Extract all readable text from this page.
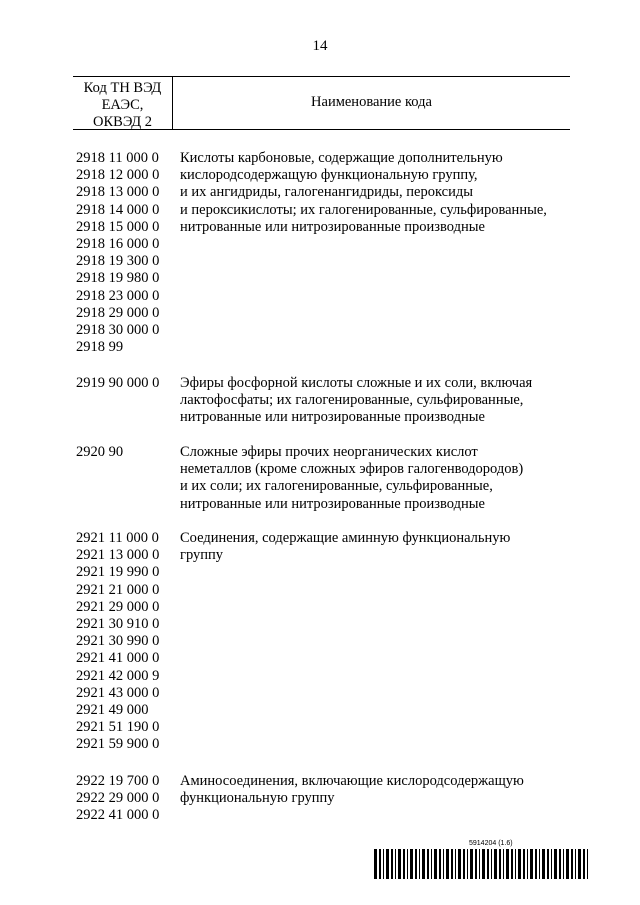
14
Код ТН ВЭД
ЕАЭС,
ОКВЭД 2
Наименование кода
2918 11 000 0
2918 12 000 0
2918 13 000 0
2918 14 000 0
2918 15 000 0
2918 16 000 0
2918 19 300 0
2918 19 980 0
2918 23 000 0
2918 29 000 0
2918 30 000 0
2918 99
Кислоты карбоновые, содержащие дополнительную
кислородсодержащую функциональную группу,
и их ангидриды, галогенангидриды, пероксиды
и пероксикислоты; их галогенированные, сульфированные,
нитрованные или нитрозированные производные
2919 90 000 0	Эфиры фосфорной кислоты сложные и их соли, включая
лактофосфаты; их галогенированные, сульфированные,
нитрованные или нитрозированные производные
2920 90	Сложные эфиры прочих неорганических кислот
неметаллов (кроме сложных эфиров галогенводородов)
и их соли; их галогенированные, сульфированные,
нитрованные или нитрозированные производные
2921 11 000 0
2921 13 000 0
2921 19 990 0
2921 21 000 0
2921 29 000 0
2921 30 910 0
2921 30 990 0
2921 41 000 0
2921 42 000 9
2921 43 000 0
2921 49 000
2921 51 190 0
2921 59 900 0
Соединения, содержащие аминную функциональную
группу
2922 19 700 0
2922 29 000 0
2922 41 000 0
Аминосоединения, включающие кислородсодержащую
функциональную группу
5914204 (1.6)
